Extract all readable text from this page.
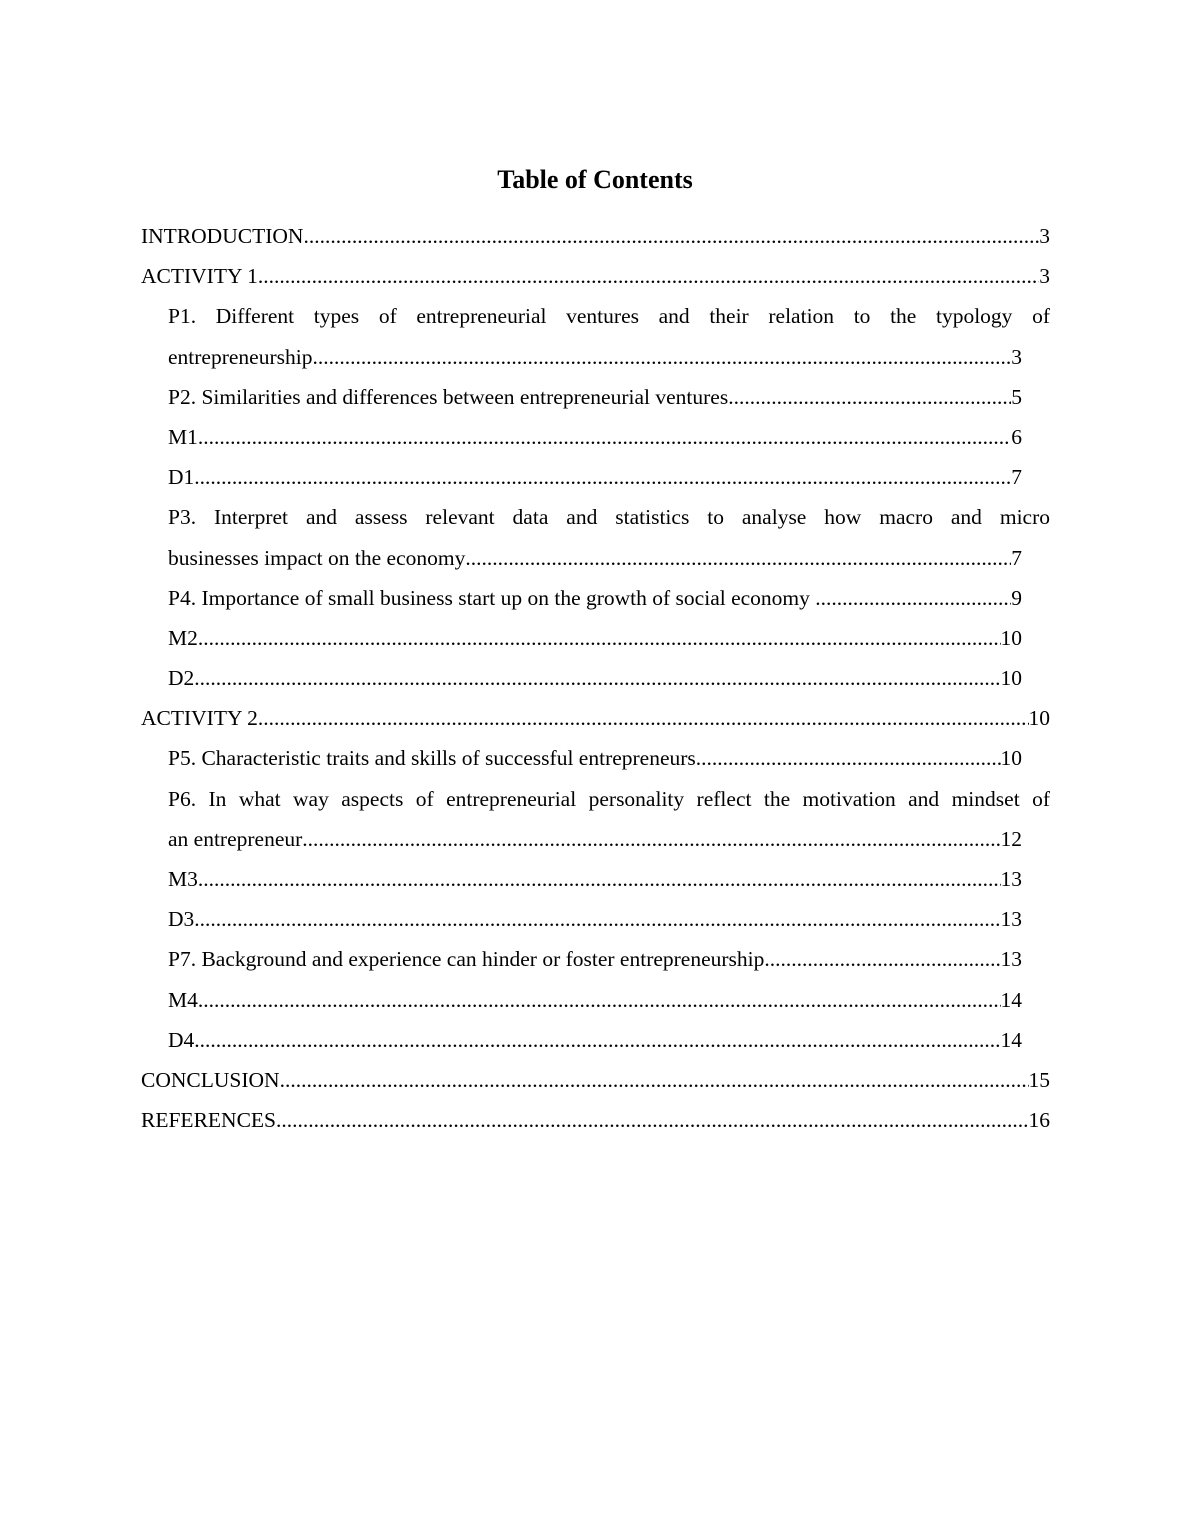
Table of Contents
INTRODUCTION .....	3
ACTIVITY 1 .....	3
P1. Different types of entrepreneurial ventures and their relation to the typology of
entrepreneurship .....	3
P2. Similarities and differences between entrepreneurial ventures .....	5
M1 .....	6
D1 .....	7
P3. Interpret and assess relevant data and statistics to analyse how macro and micro
businesses impact on the economy .....	7
P4. Importance of small business start up on the growth of social economy .....	9
M2 .....	10
D2 .....	10
ACTIVITY 2 .....	10
P5. Characteristic traits and skills of successful entrepreneurs .....	10
P6. In what way aspects of entrepreneurial personality reflect the motivation and mindset of
an entrepreneur .....	12
M3 .....	13
D3 .....	13
P7. Background and experience can hinder or foster entrepreneurship .....	13
M4 .....	14
D4 .....	14
CONCLUSION .....	15
REFERENCES .....	16
